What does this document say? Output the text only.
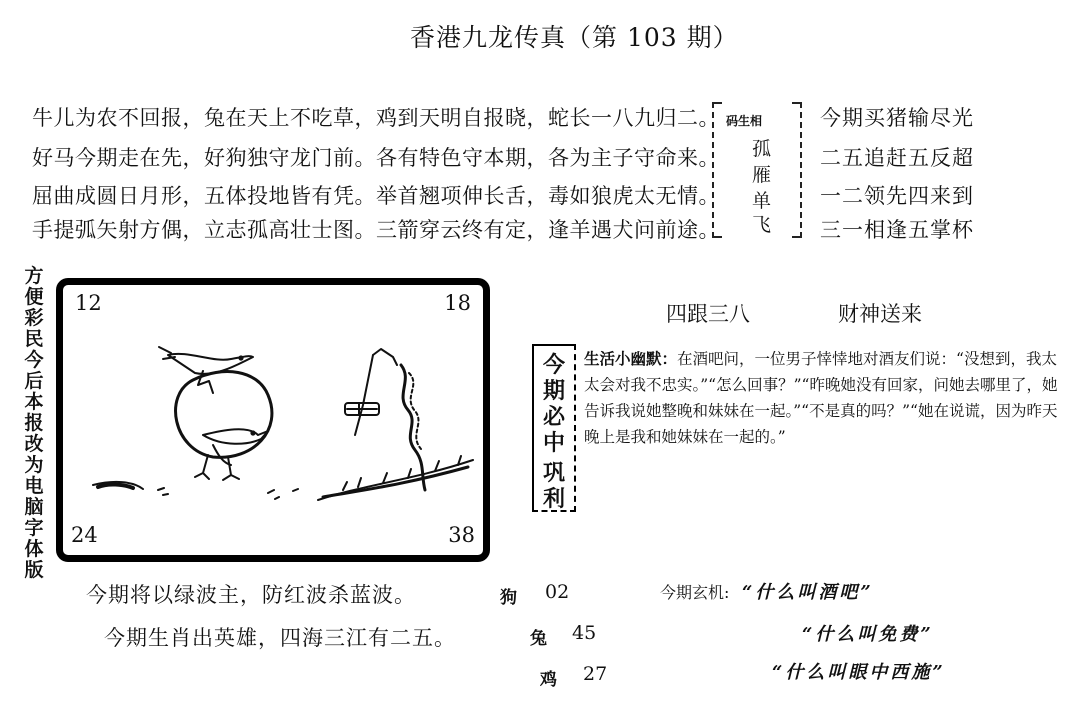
香港九龙传真（第 103 期）
牛儿为农不回报，兔在天上不吃草，鸡到天明自报晓，蛇长一八九归二。
好马今期走在先，好狗独守龙门前。各有特色守本期，各为主子守命来。
屈曲成圆日月形，五体投地皆有凭。举首翘项伸长舌，毒如狼虎太无情。
手提弧矢射方偶，立志孤高壮士图。三箭穿云终有定，逢羊遇犬问前途。
码生相
孤
雁
单
飞
今期买猪输尽光
二五追赶五反超
一二领先四来到
三一相逢五掌杯
方便彩民今后本报改为电脑字体版
12	18
24	38
四跟三八	财神送来
今
期
必
中
巩
利
生活小幽默：在酒吧问，一位男子悻悻地对酒友们说：“没想到，我太太会对我不忠实。”“怎么回事？”“昨晚她没有回家，问她去哪里了，她告诉我说她整晚和妹妹在一起。”“不是真的吗？”“她在说谎，因为昨天晚上是我和她妹妹在一起的。”
今期将以绿波主，防红波杀蓝波。
今期生肖出英雄，四海三江有二五。
狗 02
兔 45
鸡 27
今期玄机: “什么叫酒吧”
“什么叫免费”
“什么叫眼中西施”
